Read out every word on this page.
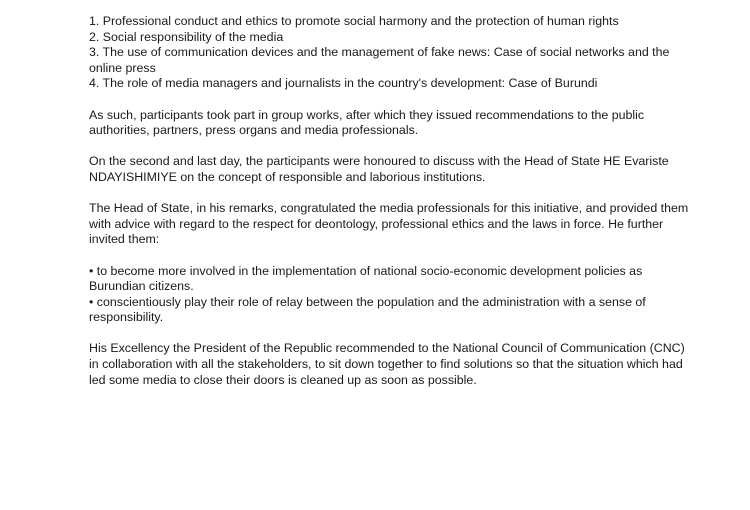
1. Professional conduct and ethics to promote social harmony and the protection of human rights

2. Social responsibility of the media

3. The use of communication devices and the management of fake news: Case of social networks and the online press

4. The role of media managers and journalists in the country's development: Case of Burundi

As such, participants took part in group works, after which they issued recommendations to the public authorities, partners, press organs and media professionals.

On the second and last day, the participants were honoured to discuss with the Head of State HE Evariste NDAYISHIMIYE on the concept of responsible and laborious institutions.

The Head of State, in his remarks, congratulated the media professionals for this initiative, and provided them with advice with regard to the respect for deontology, professional ethics and the laws in force. He further invited them:

• to become more involved in the implementation of national socio-economic development policies as Burundian citizens.

• conscientiously play their role of relay between the population and the administration with a sense of responsibility.

His Excellency the President of the Republic recommended to the National Council of Communication (CNC) in collaboration with all the stakeholders, to sit down together to find solutions so that the situation which had led some media to close their doors is cleaned up as soon as possible.
